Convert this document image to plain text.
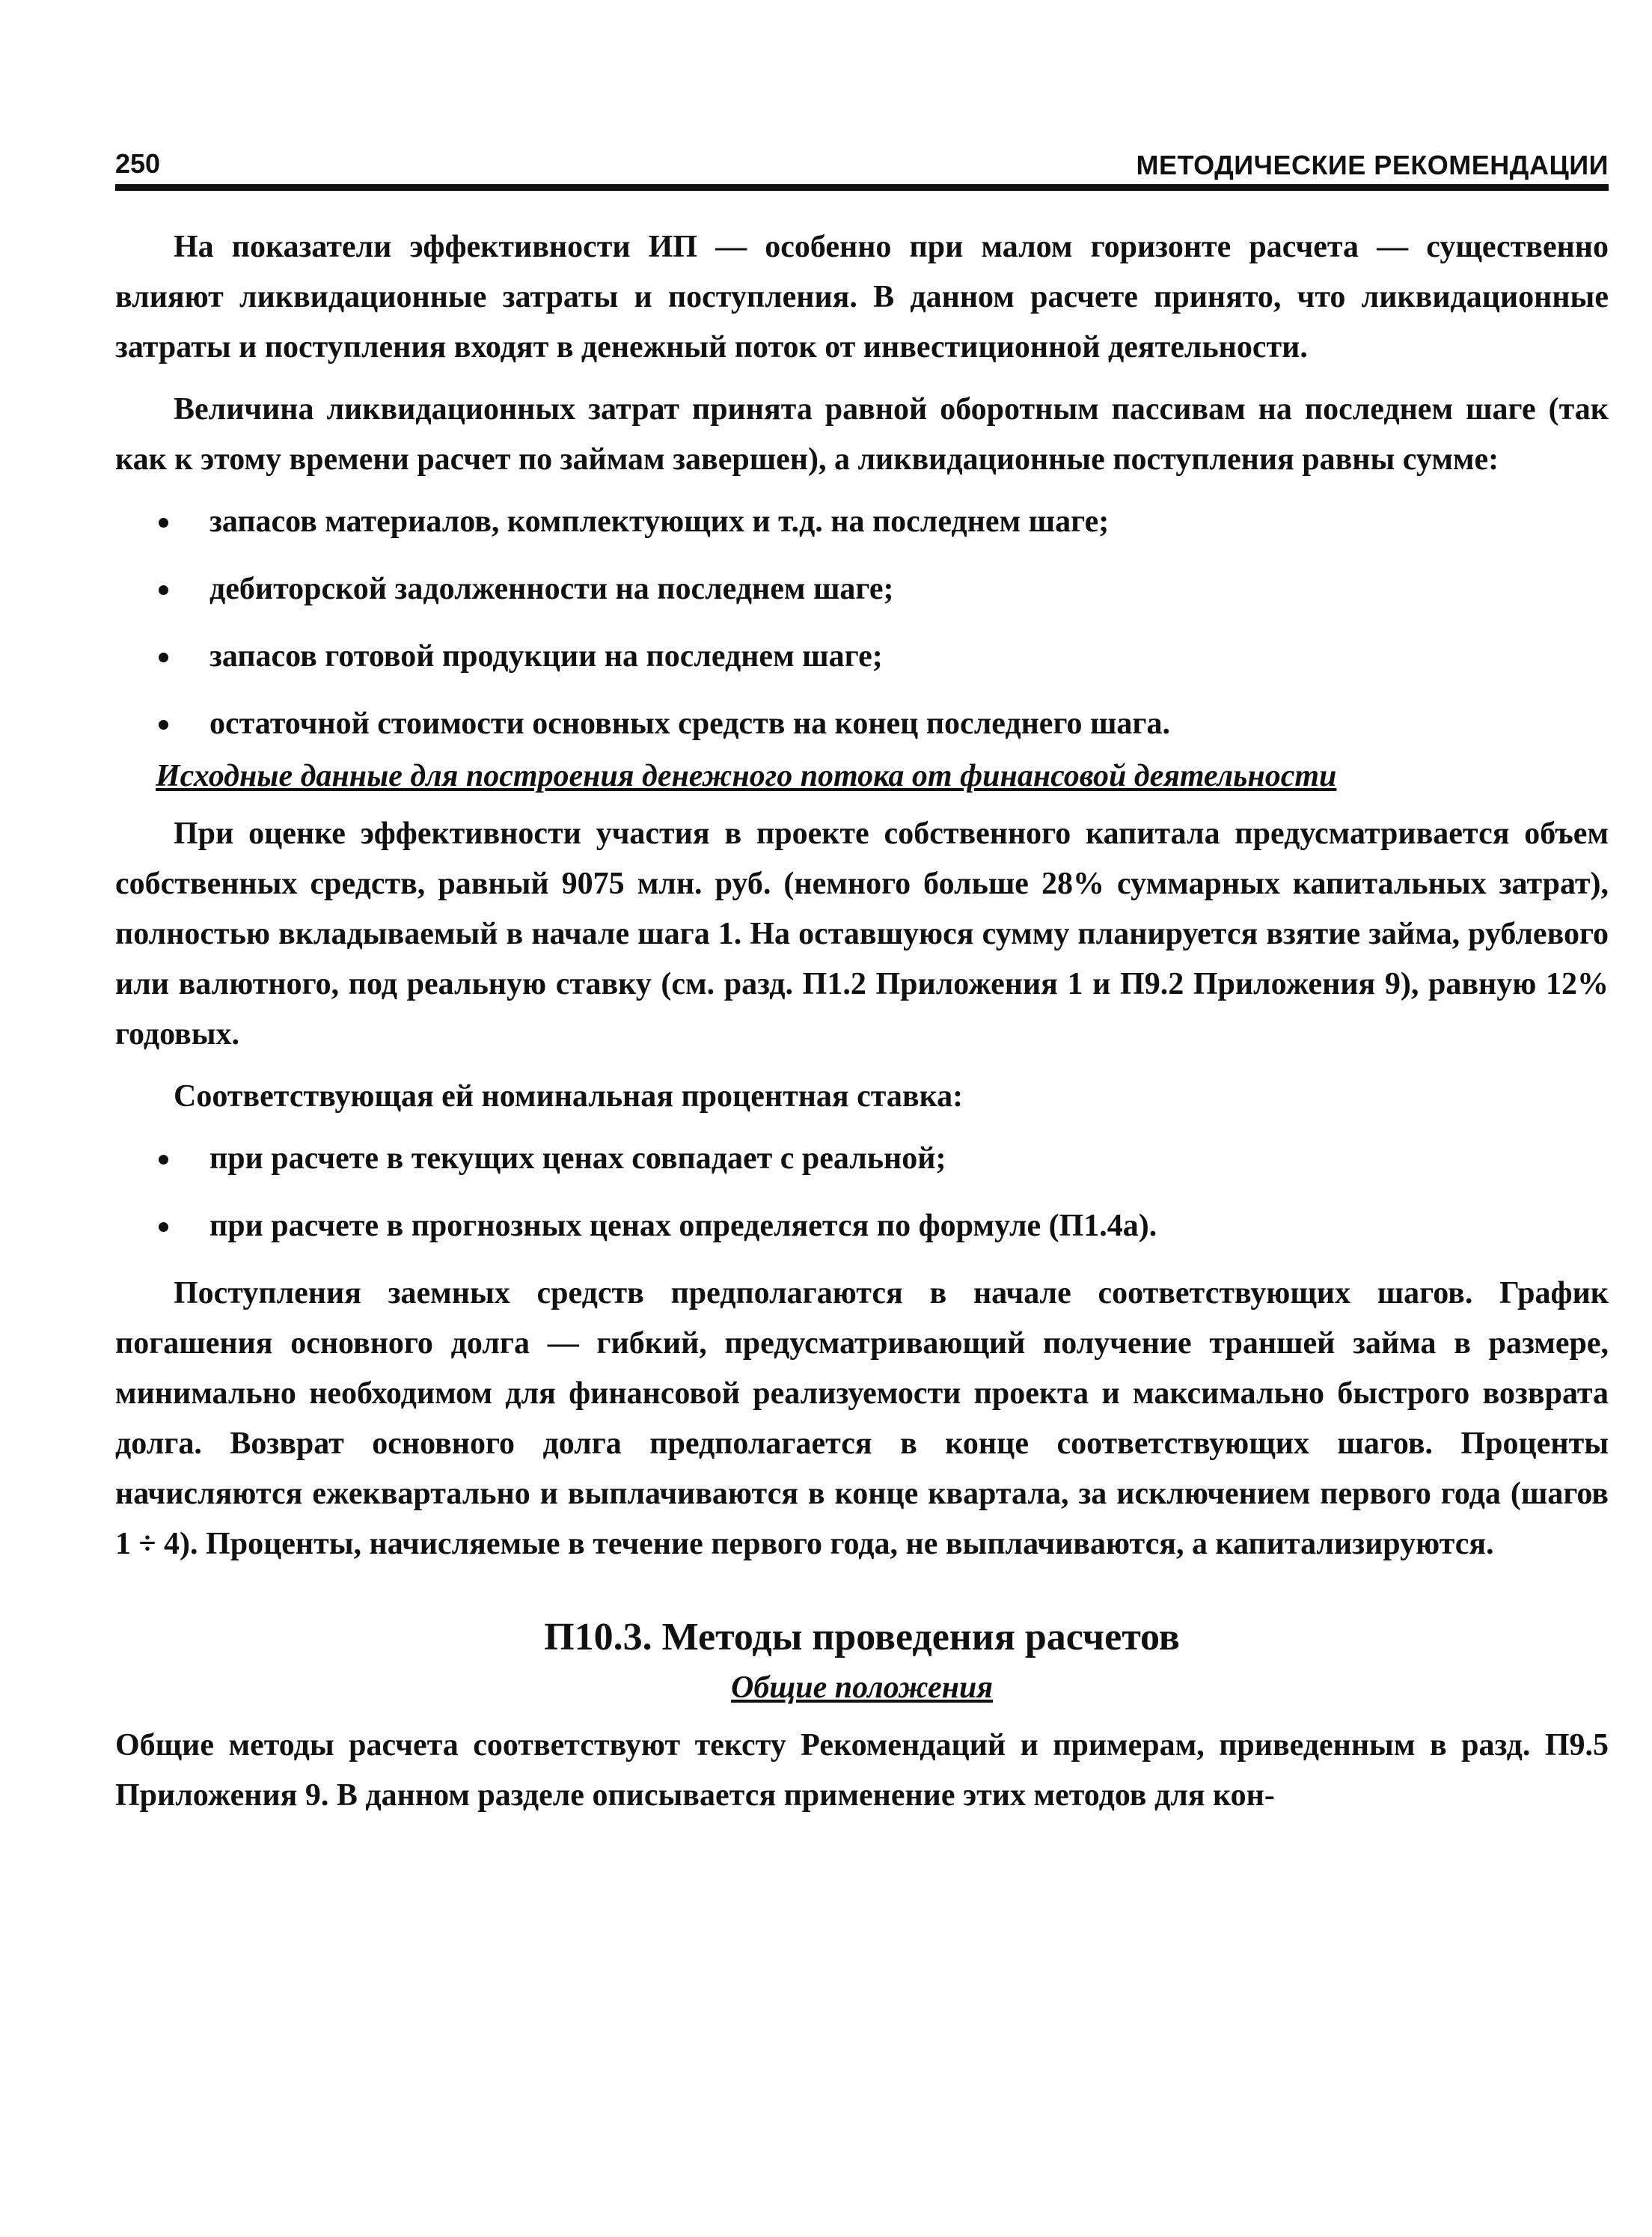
250	МЕТОДИЧЕСКИЕ РЕКОМЕНДАЦИИ

На показатели эффективности ИП — особенно при малом горизонте расчета — существенно влияют ликвидационные затраты и поступления. В данном расчете принято, что ликвидационные затраты и поступления входят в денежный поток от инвестиционной деятельности.

Величина ликвидационных затрат принята равной оборотным пассивам на последнем шаге (так как к этому времени расчет по займам завершен), а ликвидационные поступления равны сумме:

запасов материалов, комплектующих и т.д. на последнем шаге;
дебиторской задолженности на последнем шаге;
запасов готовой продукции на последнем шаге;
остаточной стоимости основных средств на конец последнего шага.
Исходные данные для построения денежного потока от финансовой деятельности

При оценке эффективности участия в проекте собственного капитала предусматривается объем собственных средств, равный 9075 млн. руб. (немного больше 28% суммарных капитальных затрат), полностью вкладываемый в начале шага 1. На оставшуюся сумму планируется взятие займа, рублевого или валютного, под реальную ставку (см. разд. П1.2 Приложения 1 и П9.2 Приложения 9), равную 12% годовых.

Соответствующая ей номинальная процентная ставка:

при расчете в текущих ценах совпадает с реальной;
при расчете в прогнозных ценах определяется по формуле (П1.4а).

Поступления заемных средств предполагаются в начале соответствующих шагов. График погашения основного долга — гибкий, предусматривающий получение траншей займа в размере, минимально необходимом для финансовой реализуемости проекта и максимально быстрого возврата долга. Возврат основного долга предполагается в конце соответствующих шагов. Проценты начисляются ежеквартально и выплачиваются в конце квартала, за исключением первого года (шагов 1 ÷ 4). Проценты, начисляемые в течение первого года, не выплачиваются, а капитализируются.

П10.3. Методы проведения расчетов
Общие положения

Общие методы расчета соответствуют тексту Рекомендаций и примерам, приведенным в разд. П9.5 Приложения 9. В данном разделе описывается применение этих методов для кон-
